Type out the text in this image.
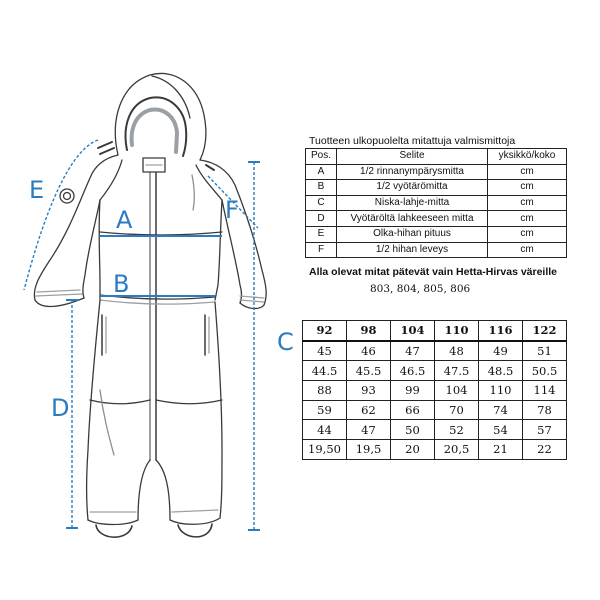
E
A	F
B
C
D
Tuotteen ulkopuolelta mitattuja valmismittoja
Pos.	Selite	yksikkö/koko
A	1/2 rinnanympärysmitta	cm
B	1/2 vyötärömitta	cm
C	Niska-lahje-mitta	cm
D	Vyötäröltä lahkeeseen mitta	cm
E	Olka-hihan pituus	cm
F	1/2 hihan leveys	cm
Alla olevat mitat pätevät vain Hetta-Hirvas väreille
803, 804, 805, 806
92	98	104	110	116	122
45	46	47	48	49	51
44.5	45.5	46.5	47.5	48.5	50.5
88	93	99	104	110	114
59	62	66	70	74	78
44	47	50	52	54	57
19,50	19,5	20	20,5	21	22
